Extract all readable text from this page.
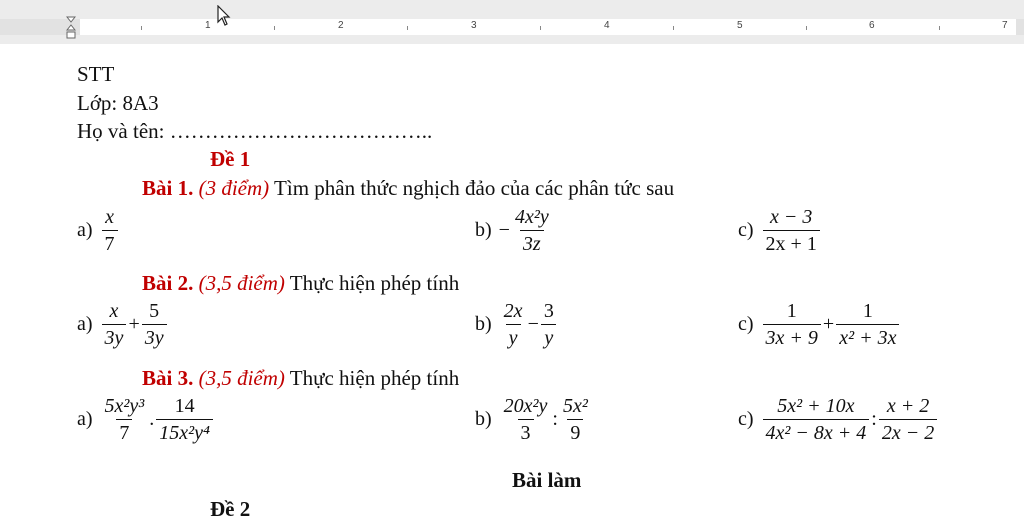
1	2	3	4	5	6	7
STT
Lớp: 8A3
Họ và tên: ………………………………..
Đề 1
Bài 1. (3 điểm) Tìm phân thức nghịch đảo của các phân tức sau
$a) \frac{x}{7}$	$b) - \frac{\text{4x²y}}{3z}$	$c) \frac{x - 3}{2x + 1}$
Bài 2. (3,5 điểm) Thực hiện phép tính
$a) \frac{x}{3y} + \frac{5}{3y}$	$b) \frac{2x}{y} - \frac{3}{y}$	$c) \frac{1}{3x + 9} + \frac{1}{\text{x² + 3x}}$
Bài 3. (3,5 điểm) Thực hiện phép tính
$a) \frac{\text{5x²y³}}{7}$ . $\frac{14}{\text{15x²y⁴}}$	$b) \frac{\text{20x²y}}{3}$ : $\frac{\text{5x²}}{9}$	$c) \frac{\text{5x² + 10x}}{\text{4x² − 8x + 4}}$ : $\frac{x + 2}{2x - 2}$
Bài làm
Đề 2
